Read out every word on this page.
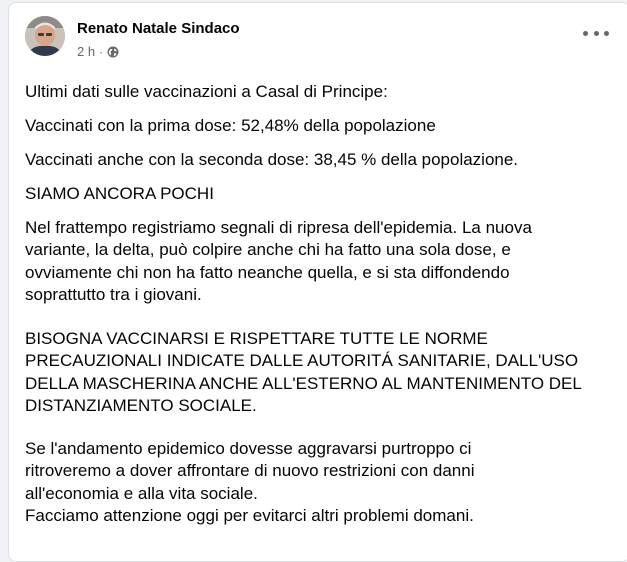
Renato Natale Sindaco
2 h ·

Ultimi dati sulle vaccinazioni a Casal di Principe:

Vaccinati con la prima dose: 52,48% della popolazione

Vaccinati anche con la seconda dose: 38,45 % della popolazione.

SIAMO ANCORA POCHI

Nel frattempo registriamo segnali di ripresa dell'epidemia. La nuova
variante, la delta, può colpire anche chi ha fatto una sola dose, e
ovviamente chi non ha fatto neanche quella, e si sta diffondendo
soprattutto tra i giovani.

BISOGNA VACCINARSI E RISPETTARE TUTTE LE NORME
PRECAUZIONALI INDICATE DALLE AUTORITÁ SANITARIE, DALL'USO
DELLA MASCHERINA ANCHE ALL'ESTERNO AL MANTENIMENTO DEL
DISTANZIAMENTO SOCIALE.

Se l'andamento epidemico dovesse aggravarsi purtroppo ci
ritroveremo a dover affrontare di nuovo restrizioni con danni
all'economia e alla vita sociale.
Facciamo attenzione oggi per evitarci altri problemi domani.
